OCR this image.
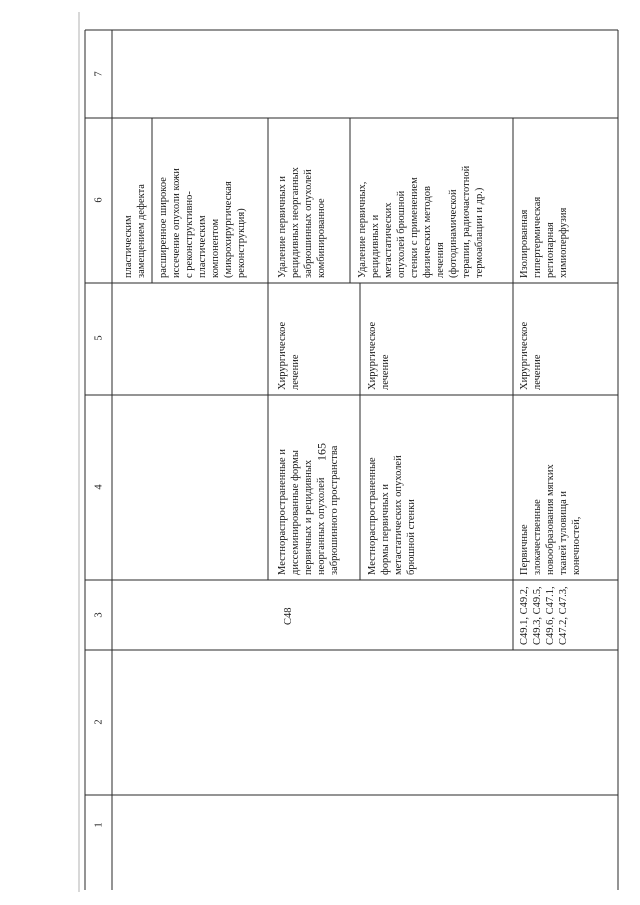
165
1
2
3
4
5
6
7
пластическим
замещением дефекта
расширенное широкое
иссечение опухоли кожи
с реконструктивно-
пластическим
компонентом
(микрохирургическая
реконструкция)
C48
Местнораспространенные и
диссеминированные формы
первичных и рецидивных
неорганных опухолей
забрюшинного пространства
Хирургическое
лечение
Удаление первичных и
рецидивных неорганных
забрюшинных опухолей
комбинированное
Местнораспространенные
формы первичных и
метастатических опухолей
брюшной стенки
Хирургическое
лечение
Удаление первичных,
рецидивных и
метастатических
опухолей брюшной
стенки с применением
физических методов
лечения
(фотодинамической
терапии, радиочастотной
термоаблации и др.)
C49.1, C49.2,
C49.3, C49.5,
C49.6, C47.1,
C47.2, C47.3,
Первичные злокачественные
новообразования мягких
тканей туловища и
конечностей,
Хирургическое
лечение
Изолированная
гипертермическая
регионарная
химиоперфузия
